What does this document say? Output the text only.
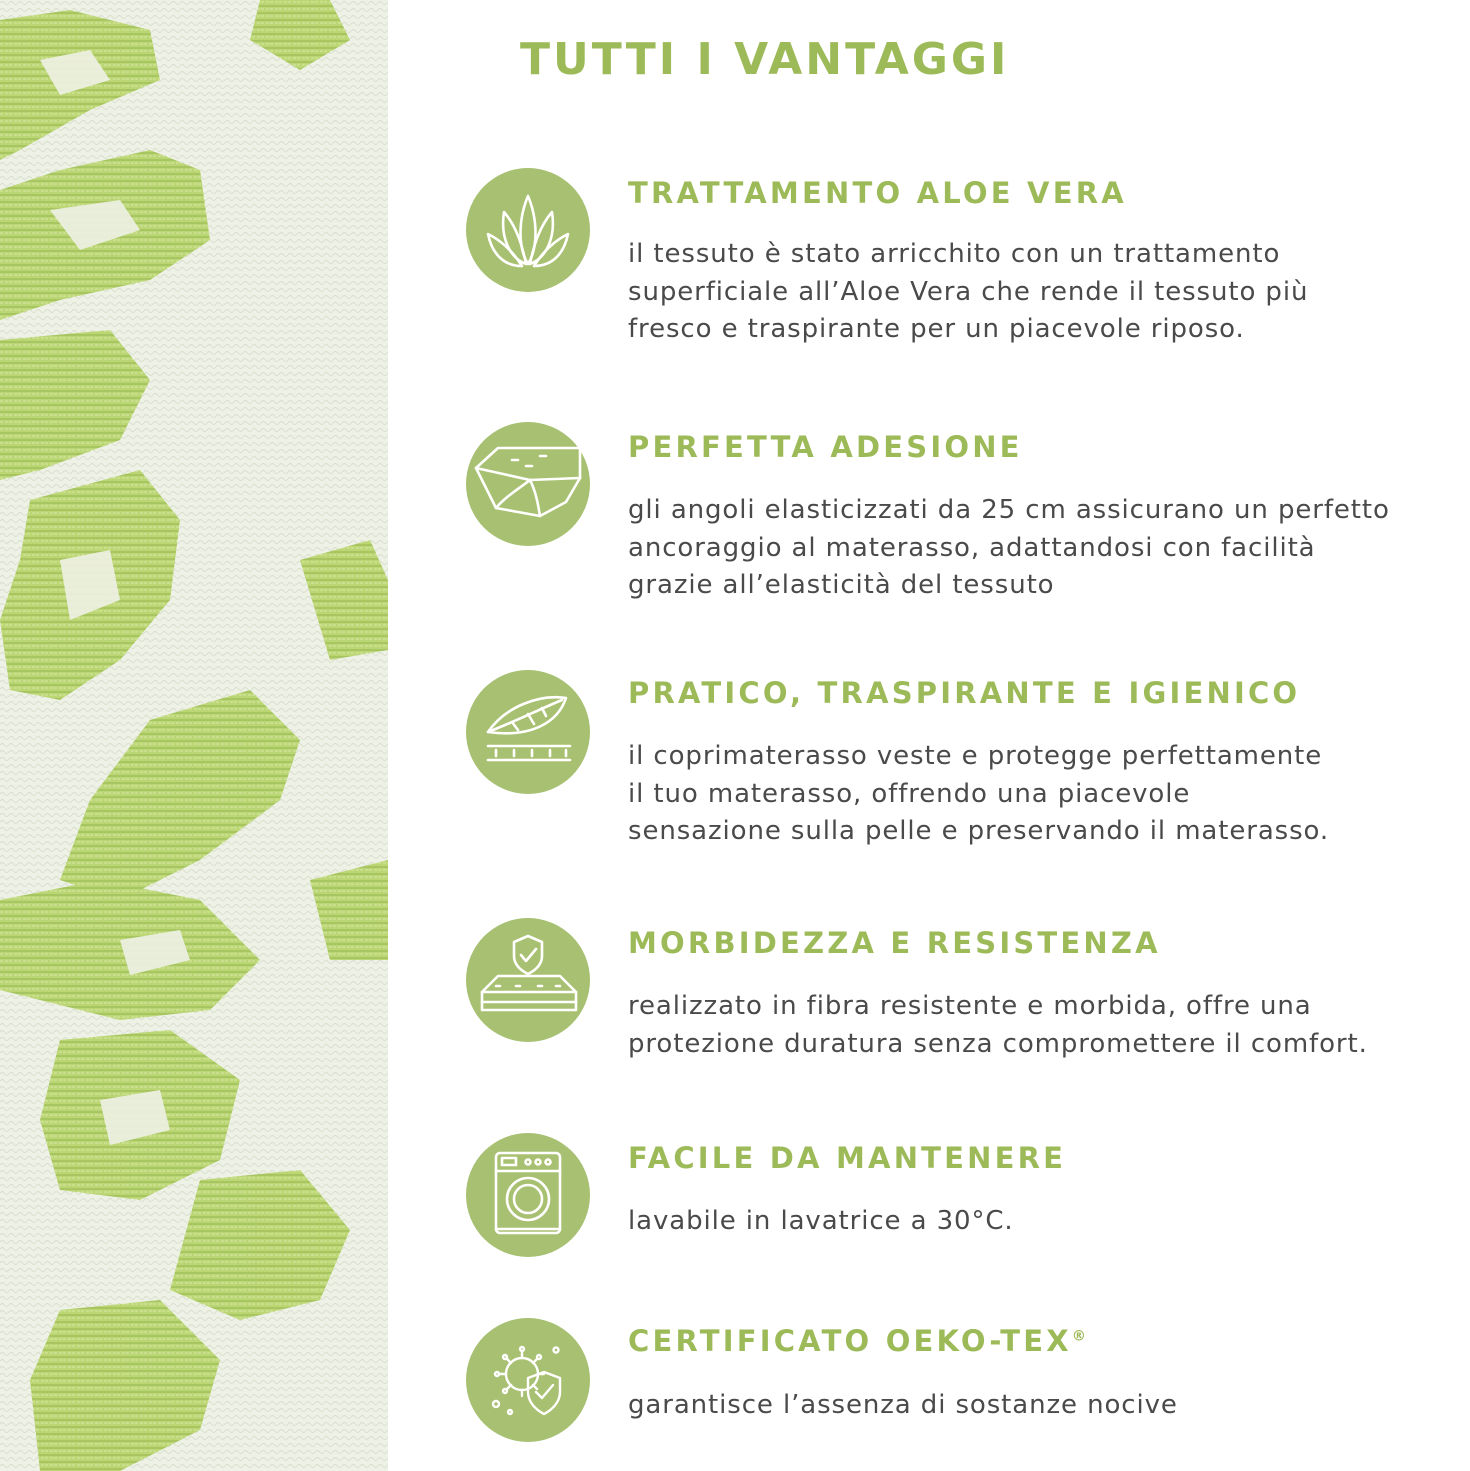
TUTTI I VANTAGGI
TRATTAMENTO ALOE VERA
il tessuto è stato arricchito con un trattamento
superficiale all’Aloe Vera che rende il tessuto più
fresco e traspirante per un piacevole riposo.
PERFETTA ADESIONE
gli angoli elasticizzati da 25 cm assicurano un perfetto
ancoraggio al materasso, adattandosi con facilità
grazie all’elasticità del tessuto
PRATICO, TRASPIRANTE E IGIENICO
il coprimaterasso veste e protegge perfettamente
il tuo materasso, offrendo una piacevole
sensazione sulla pelle e preservando il materasso.
MORBIDEZZA E RESISTENZA
realizzato in fibra resistente e morbida, offre una
protezione duratura senza compromettere il comfort.
FACILE DA MANTENERE
lavabile in lavatrice a 30°C.
CERTIFICATO OEKO-TEX®
garantisce l’assenza di sostanze nocive
